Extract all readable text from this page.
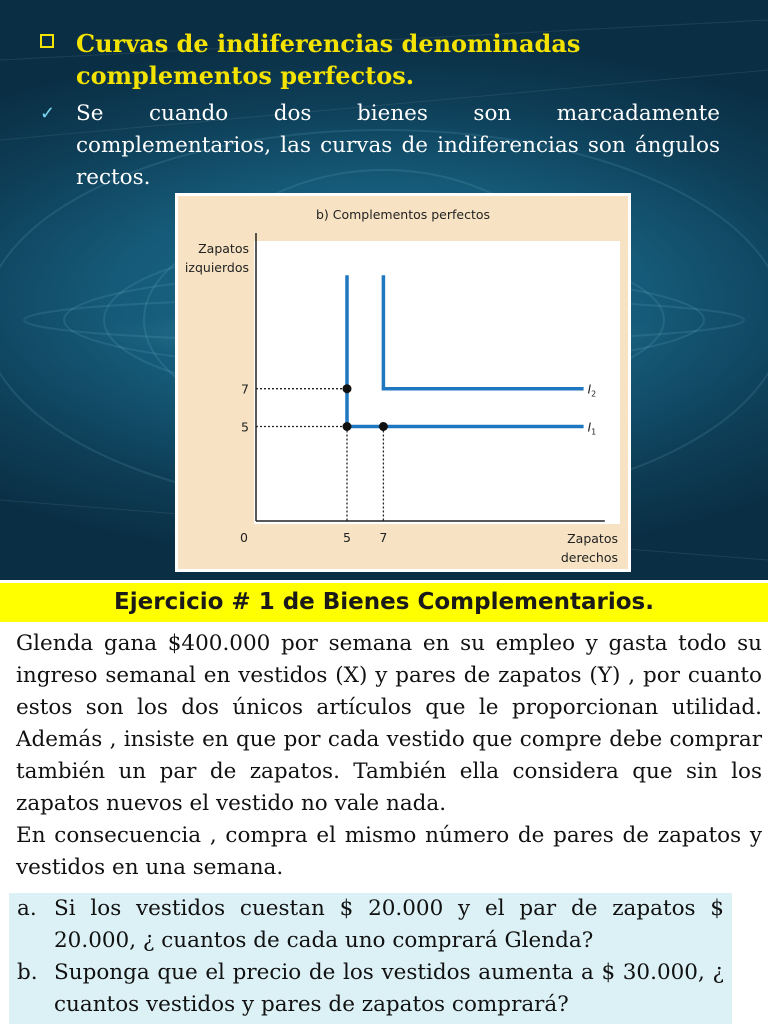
Curvas de indiferencias denominadas complementos perfectos.
✓ Se cuando dos bienes son marcadamente complementarios, las curvas de indiferencias son ángulos rectos.
b) Complementos perfectos
Zapatos
izquierdos
Zapatos
derechos
0	5 7
5
7
$I_1$
$I_2$
Ejercicio # 1 de Bienes Complementarios.

Glenda gana $400.000 por semana en su empleo y gasta todo su ingreso semanal en vestidos (X) y pares de zapatos (Y) , por cuanto estos son los dos únicos artículos que le proporcionan utilidad. Además , insiste en que por cada vestido que compre debe comprar también un par de zapatos. También ella considera que sin los zapatos nuevos el vestido no vale nada.

En consecuencia , compra el mismo número de pares de zapatos y vestidos en una semana.

a. Si los vestidos cuestan $ 20.000 y el par de zapatos $ 20.000, ¿ cuantos de cada uno comprará Glenda?
b. Suponga que el precio de los vestidos aumenta a $ 30.000, ¿ cuantos vestidos y pares de zapatos comprará?
